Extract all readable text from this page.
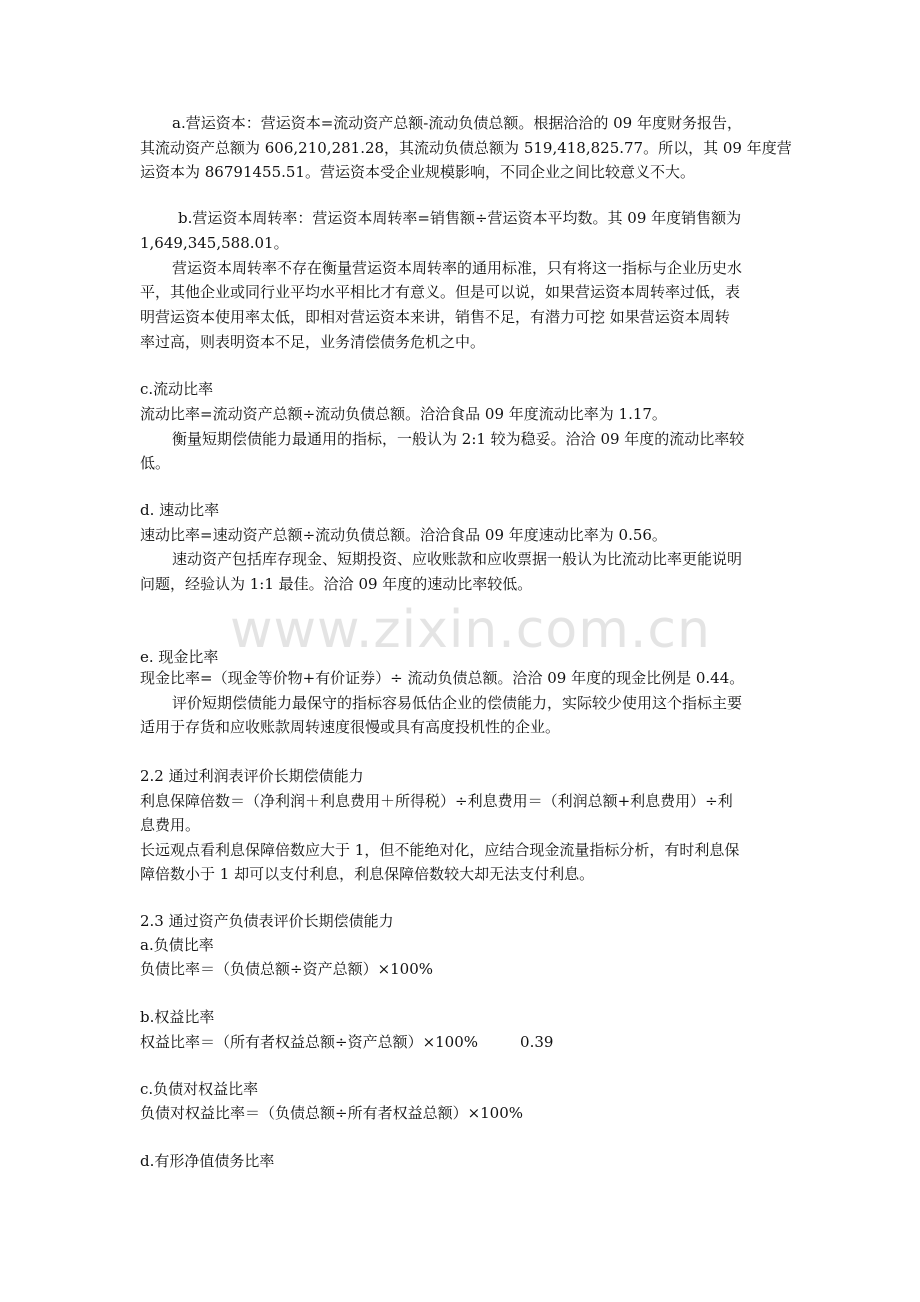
www.zixin.com.cn
a.营运资本：营运资本=流动资产总额-流动负债总额。根据洽洽的 09 年度财务报告，
其流动资产总额为 606,210,281.28，其流动负债总额为 519,418,825.77。所以，其 09 年度营
运资本为 86791455.51。营运资本受企业规模影响，不同企业之间比较意义不大。
b.营运资本周转率：营运资本周转率=销售额÷营运资本平均数。其 09 年度销售额为
1,649,345,588.01。
营运资本周转率不存在衡量营运资本周转率的通用标准，只有将这一指标与企业历史水
平，其他企业或同行业平均水平相比才有意义。但是可以说，如果营运资本周转率过低，表
明营运资本使用率太低，即相对营运资本来讲，销售不足，有潜力可挖 如果营运资本周转
率过高，则表明资本不足，业务清偿债务危机之中。
c.流动比率
流动比率=流动资产总额÷流动负债总额。洽洽食品 09 年度流动比率为 1.17。
衡量短期偿债能力最通用的指标，一般认为 2:1 较为稳妥。洽洽 09 年度的流动比率较
低。
d. 速动比率
速动比率=速动资产总额÷流动负债总额。洽洽食品 09 年度速动比率为 0.56。
速动资产包括库存现金、短期投资、应收账款和应收票据一般认为比流动比率更能说明
问题，经验认为 1:1 最佳。洽洽 09 年度的速动比率较低。
e. 现金比率
现金比率=（现金等价物+有价证券）÷ 流动负债总额。洽洽 09 年度的现金比例是 0.44。
评价短期偿债能力最保守的指标容易低估企业的偿债能力，实际较少使用这个指标主要
适用于存货和应收账款周转速度很慢或具有高度投机性的企业。
2.2 通过利润表评价长期偿债能力
利息保障倍数＝（净利润＋利息费用＋所得税）÷利息费用＝（利润总额+利息费用）÷利
息费用。
长远观点看利息保障倍数应大于 1，但不能绝对化，应结合现金流量指标分析，有时利息保
障倍数小于 1 却可以支付利息，利息保障倍数较大却无法支付利息。
2.3 通过资产负债表评价长期偿债能力
a.负债比率
负债比率＝（负债总额÷资产总额）×100%
b.权益比率
权益比率＝（所有者权益总额÷资产总额）×100%	0.39
c.负债对权益比率
负债对权益比率＝（负债总额÷所有者权益总额）×100%
d.有形净值债务比率
